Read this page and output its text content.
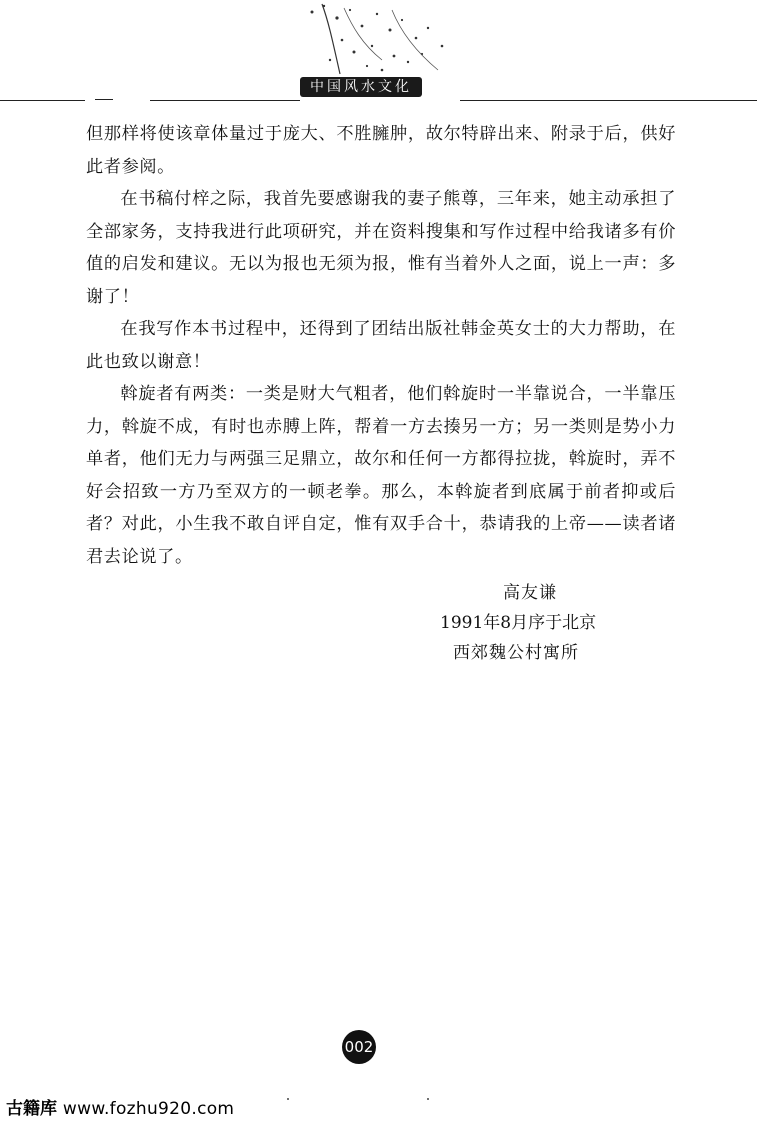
中国风水文化

但那样将使该章体量过于庞大、不胜臃肿，故尔特辟出来、附录于后，供好此者参阅。

在书稿付梓之际，我首先要感谢我的妻子熊尊，三年来，她主动承担了全部家务，支持我进行此项研究，并在资料搜集和写作过程中给我诸多有价值的启发和建议。无以为报也无须为报，惟有当着外人之面，说上一声：多谢了！

在我写作本书过程中，还得到了团结出版社韩金英女士的大力帮助，在此也致以谢意！

斡旋者有两类：一类是财大气粗者，他们斡旋时一半靠说合，一半靠压力，斡旋不成，有时也赤膊上阵，帮着一方去揍另一方；另一类则是势小力单者，他们无力与两强三足鼎立，故尔和任何一方都得拉拢，斡旋时，弄不好会招致一方乃至双方的一顿老拳。那么，本斡旋者到底属于前者抑或后者？对此，小生我不敢自评自定，惟有双手合十，恭请我的上帝——读者诸君去论说了。

高友谦
1991年8月序于北京
西郊魏公村寓所
002
古籍库 www.fozhu920.com
